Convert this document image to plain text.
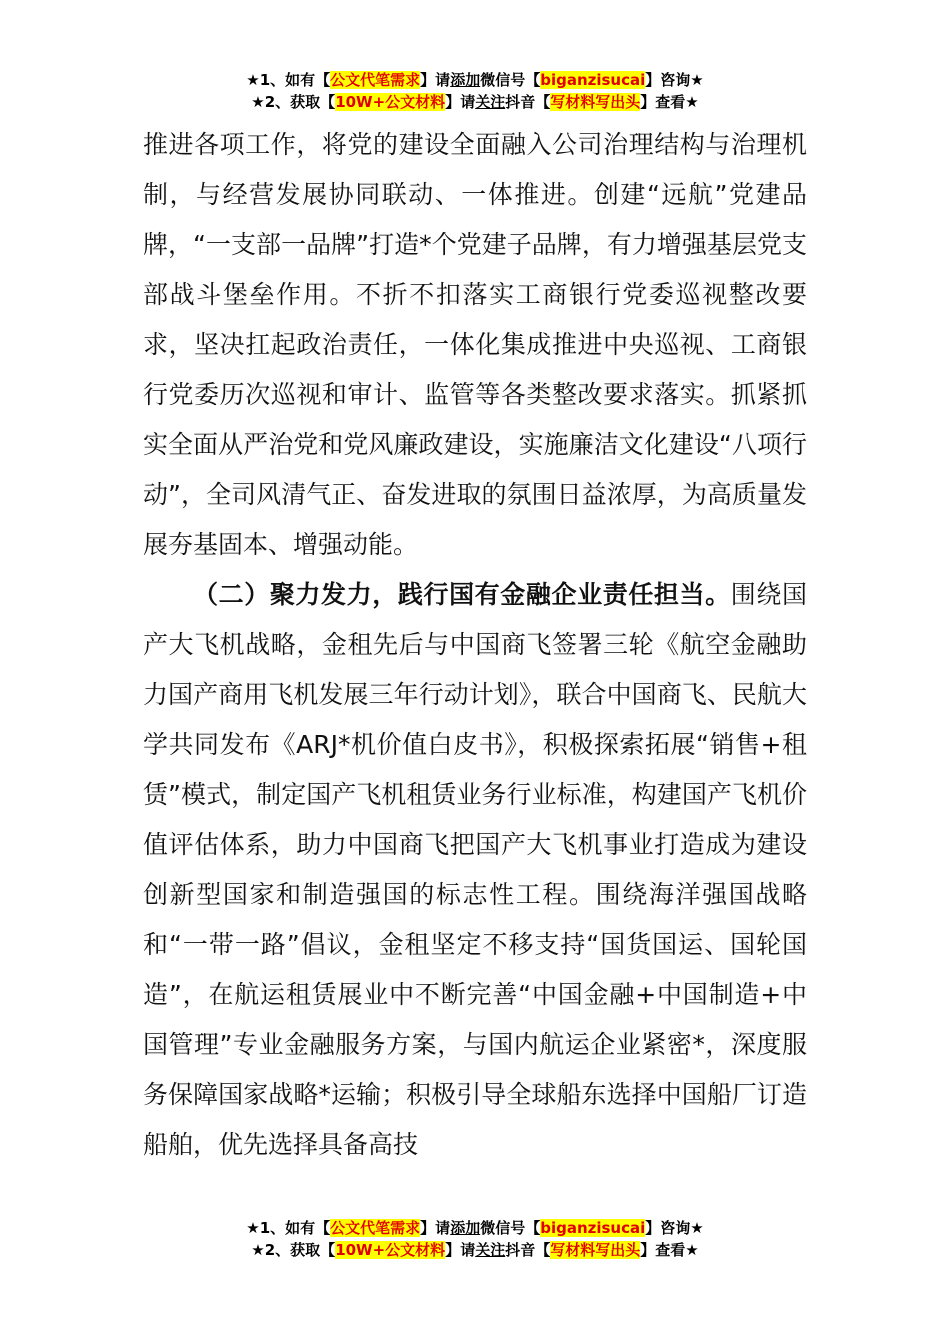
★1、如有【公文代笔需求】请添加微信号【biganzisucai】咨询★
★2、获取【10W+公文材料】请关注抖音【写材料写出头】查看★

推进各项工作，将党的建设全面融入公司治理结构与治理机制，与经营发展协同联动、一体推进。创建“远航”党建品牌，“一支部一品牌”打造*个党建子品牌，有力增强基层党支部战斗堡垒作用。不折不扣落实工商银行党委巡视整改要求，坚决扛起政治责任，一体化集成推进中央巡视、工商银行党委历次巡视和审计、监管等各类整改要求落实。抓紧抓实全面从严治党和党风廉政建设，实施廉洁文化建设“八项行动”，全司风清气正、奋发进取的氛围日益浓厚，为高质量发展夯基固本、增强动能。

（二）聚力发力，践行国有金融企业责任担当。围绕国产大飞机战略，金租先后与中国商飞签署三轮《航空金融助力国产商用飞机发展三年行动计划》，联合中国商飞、民航大学共同发布《ARJ*机价值白皮书》，积极探索拓展“销售+租赁”模式，制定国产飞机租赁业务行业标准，构建国产飞机价值评估体系，助力中国商飞把国产大飞机事业打造成为建设创新型国家和制造强国的标志性工程。围绕海洋强国战略和“一带一路”倡议，金租坚定不移支持“国货国运、国轮国造”，在航运租赁展业中不断完善“中国金融+中国制造+中国管理”专业金融服务方案，与国内航运企业紧密*，深度服务保障国家战略*运输；积极引导全球船东选择中国船厂订造船舶，优先选择具备高技

★1、如有【公文代笔需求】请添加微信号【biganzisucai】咨询★
★2、获取【10W+公文材料】请关注抖音【写材料写出头】查看★
